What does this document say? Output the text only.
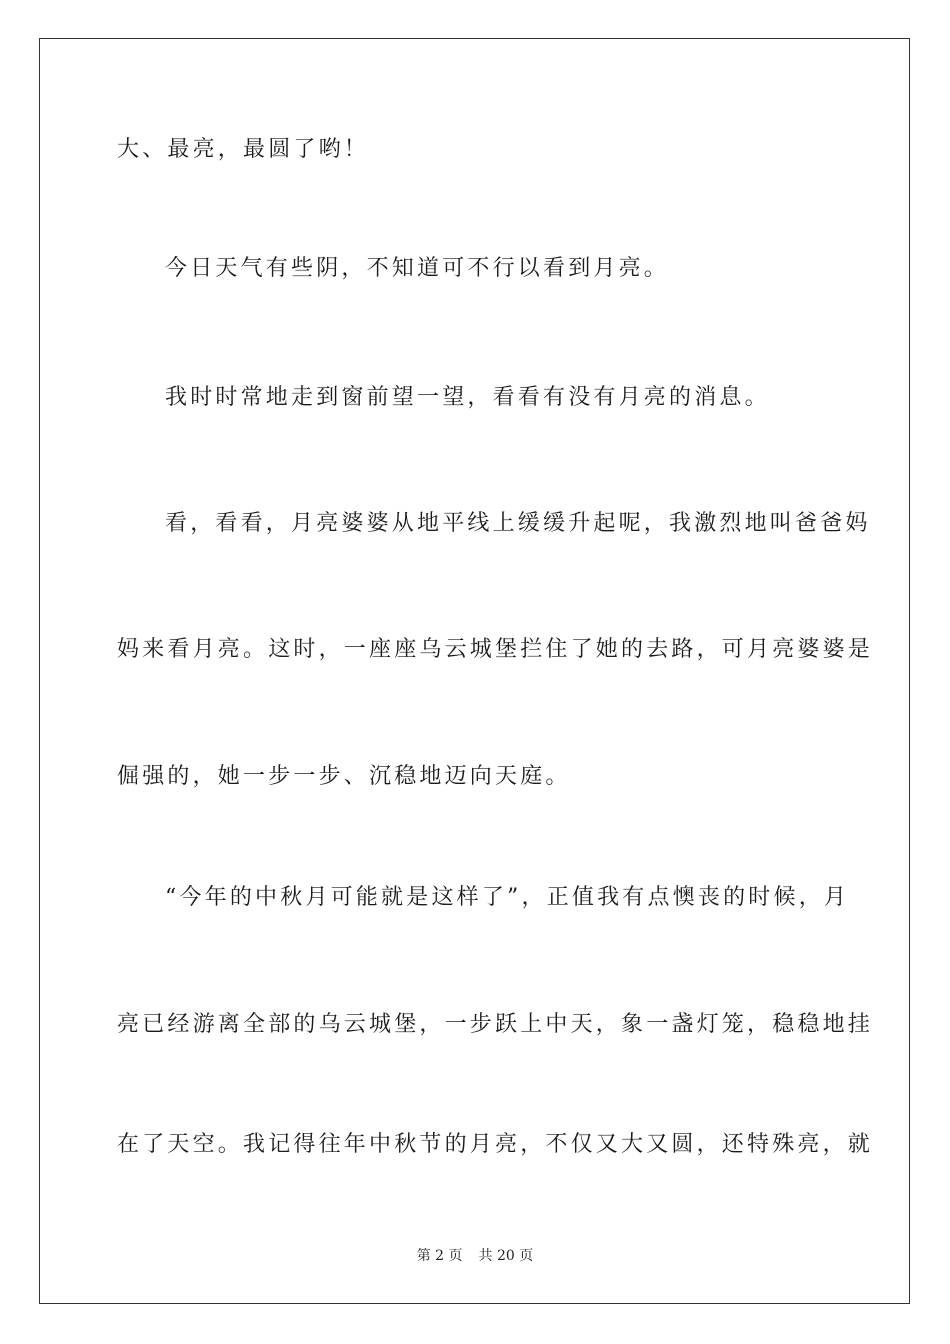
大、最亮，最圆了哟！
今日天气有些阴，不知道可不行以看到月亮。
我时时常地走到窗前望一望，看看有没有月亮的消息。
看，看看，月亮婆婆从地平线上缓缓升起呢，我激烈地叫爸爸妈
妈来看月亮。这时，一座座乌云城堡拦住了她的去路，可月亮婆婆是
倔强的，她一步一步、沉稳地迈向天庭。
“今年的中秋月可能就是这样了”，正值我有点懊丧的时候，月
亮已经游离全部的乌云城堡，一步跃上中天，象一盏灯笼，稳稳地挂
在了天空。我记得往年中秋节的月亮，不仅又大又圆，还特殊亮，就
第 2 页 共 20 页
